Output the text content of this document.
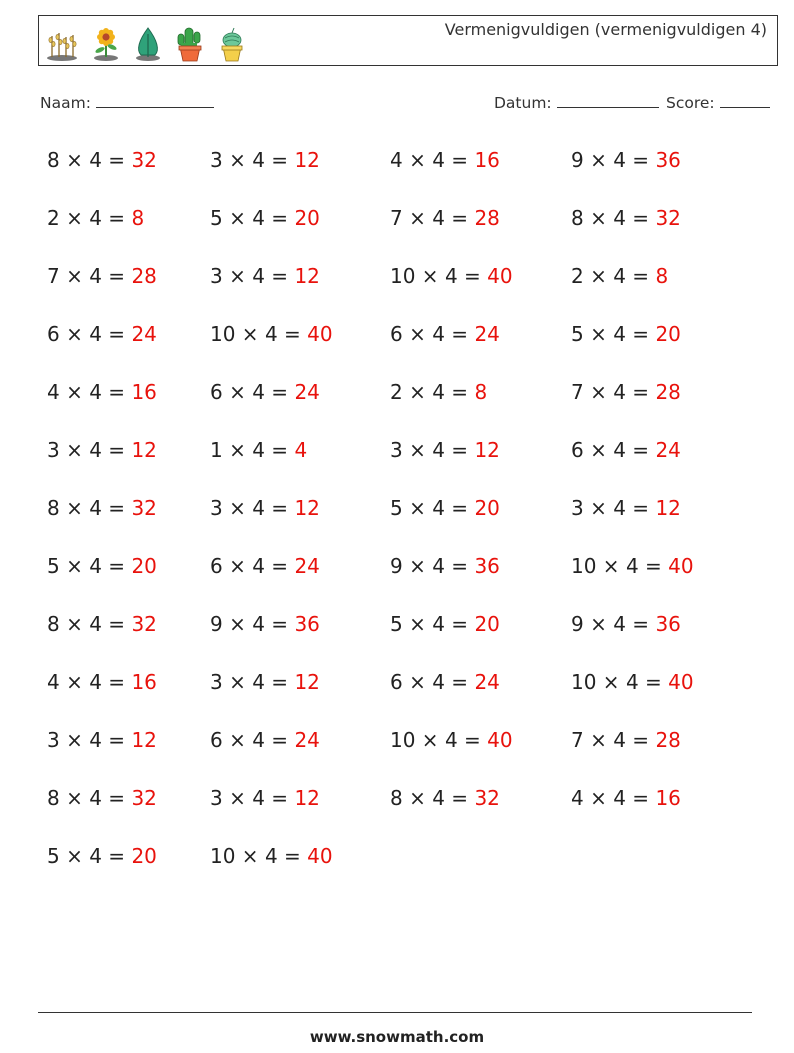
Vermenigvuldigen (vermenigvuldigen 4)
Naam:	Datum:	Score:
8 × 4 = 32
2 × 4 = 8
7 × 4 = 28
6 × 4 = 24
4 × 4 = 16
3 × 4 = 12
8 × 4 = 32
5 × 4 = 20
8 × 4 = 32
4 × 4 = 16
3 × 4 = 12
8 × 4 = 32
5 × 4 = 20
3 × 4 = 12
5 × 4 = 20
3 × 4 = 12
10 × 4 = 40
6 × 4 = 24
1 × 4 = 4
3 × 4 = 12
6 × 4 = 24
9 × 4 = 36
3 × 4 = 12
6 × 4 = 24
3 × 4 = 12
10 × 4 = 40
4 × 4 = 16
7 × 4 = 28
10 × 4 = 40
6 × 4 = 24
2 × 4 = 8
3 × 4 = 12
5 × 4 = 20
9 × 4 = 36
5 × 4 = 20
6 × 4 = 24
10 × 4 = 40
8 × 4 = 32
9 × 4 = 36
8 × 4 = 32
2 × 4 = 8
5 × 4 = 20
7 × 4 = 28
6 × 4 = 24
3 × 4 = 12
10 × 4 = 40
9 × 4 = 36
10 × 4 = 40
7 × 4 = 28
4 × 4 = 16
www.snowmath.com
